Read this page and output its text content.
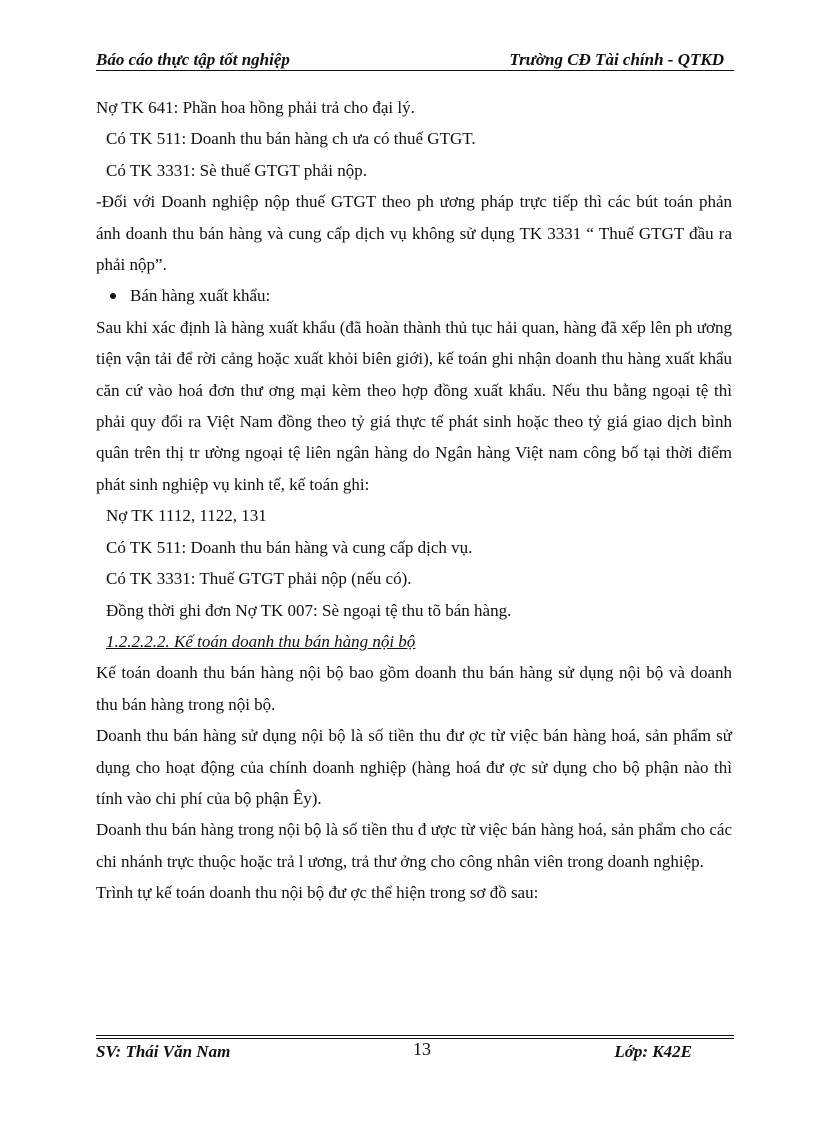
Báo cáo thực tập tốt nghiệp	Trường CĐ Tài chính - QTKD

Nợ TK 641: Phần hoa hồng phải trả cho đại lý.

Có TK 511: Doanh thu bán hàng ch ưa có thuế GTGT.

Có TK 3331: Sè thuế GTGT phải nộp.

-Đối với Doanh nghiệp nộp thuế GTGT theo ph ương pháp trực tiếp thì các bút toán phản ánh doanh thu bán hàng và cung cấp dịch vụ không sử dụng TK 3331 “ Thuế GTGT đầu ra phải nộp”.

Bán hàng xuất khẩu:

Sau khi xác định là hàng xuất khẩu (đã hoàn thành thủ tục hải quan, hàng đã xếp lên ph ương tiện vận tải để rời cảng hoặc xuất khỏi biên giới), kế toán ghi nhận doanh thu hàng xuất khẩu căn cứ vào hoá đơn thư ơng mại kèm theo hợp đồng xuất khẩu. Nếu thu bằng ngoại tệ thì phải quy đổi ra Việt Nam đồng theo tỷ giá thực tế phát sinh hoặc theo tỷ giá giao dịch bình quân trên thị tr ường ngoại tệ liên ngân hàng do Ngân hàng Việt nam công bố tại thời điểm phát sinh nghiệp vụ kinh tế, kế toán ghi:

Nợ TK 1112, 1122, 131

Có TK 511: Doanh thu bán hàng và cung cấp dịch vụ.

Có TK 3331: Thuế GTGT phải nộp (nếu có).

Đồng thời ghi đơn Nợ TK 007: Sè ngoại tệ thu tõ bán hàng.

1.2.2.2.2. Kế toán doanh thu bán hàng nội bộ

Kế toán doanh thu bán hàng nội bộ bao gồm doanh thu bán hàng sử dụng nội bộ và doanh thu bán hàng trong nội bộ.

Doanh thu bán hàng sử dụng nội bộ là số tiền thu đư ợc từ việc bán hàng hoá, sản phẩm sử dụng cho hoạt động của chính doanh nghiệp (hàng hoá đư ợc sử dụng cho bộ phận nào thì tính vào chi phí của bộ phận Êy).

Doanh thu bán hàng trong nội bộ là số tiền thu đ ược từ việc bán hàng hoá, sản phẩm cho các chi nhánh trực thuộc hoặc trả l ương, trả thư ởng cho công nhân viên trong doanh nghiệp.

Trình tự kế toán doanh thu nội bộ đư ợc thể hiện trong sơ đồ sau:

SV: Thái Văn Nam	13	Lớp: K42E
